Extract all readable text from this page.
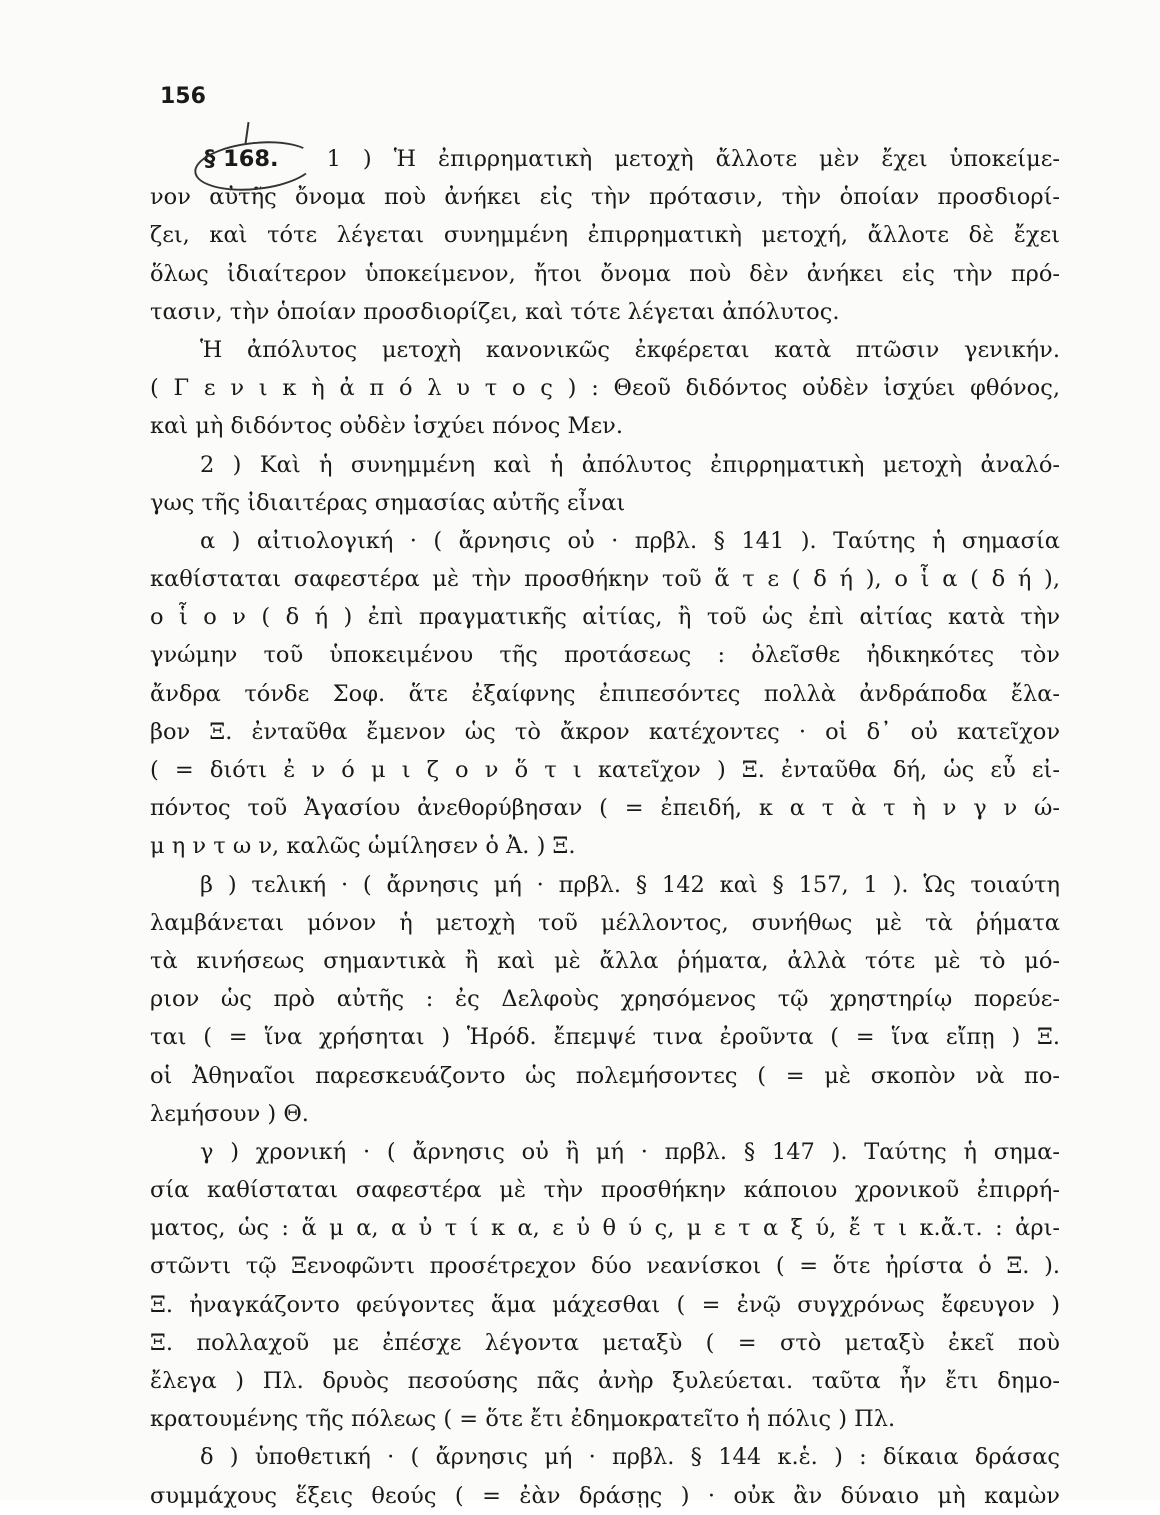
156
§ 168. 1 ) Ἡ ἐπιρρηματικὴ μετοχὴ ἄλλοτε μὲν ἔχει ὑποκείμε-
νον αὐτῆς ὄνομα ποὺ ἀνήκει εἰς τὴν πρότασιν, τὴν ὁποίαν προσδιορί-
ζει, καὶ τότε λέγεται συνημμένη ἐπιρρηματικὴ μετοχή, ἄλλοτε δὲ ἔχει
ὅλως ἰδιαίτερον ὑποκείμενον, ἤτοι ὄνομα ποὺ δὲν ἀνήκει εἰς τὴν πρό-
τασιν, τὴν ὁποίαν προσδιορίζει, καὶ τότε λέγεται ἀπόλυτος.
Ἡ ἀπόλυτος μετοχὴ κανονικῶς ἐκφέρεται κατὰ πτῶσιν γενικήν.
( Γ ε ν ι κ ὴ ἀ π ό λ υ τ ο ς ) : Θεοῦ διδόντος οὐδὲν ἰσχύει φθόνος,
καὶ μὴ διδόντος οὐδὲν ἰσχύει πόνος Μεν.
2 ) Καὶ ἡ συνημμένη καὶ ἡ ἀπόλυτος ἐπιρρηματικὴ μετοχὴ ἀναλό-
γως τῆς ἰδιαιτέρας σημασίας αὐτῆς εἶναι
α ) αἰτιολογική · ( ἄρνησις οὐ · πρβλ. § 141 ). Ταύτης ἡ σημασία
καθίσταται σαφεστέρα μὲ τὴν προσθήκην τοῦ ἅ τ ε ( δ ή ), ο ἷ α ( δ ή ),
ο ἷ ο ν ( δ ή ) ἐπὶ πραγματικῆς αἰτίας, ἢ τοῦ ὡς ἐπὶ αἰτίας κατὰ τὴν
γνώμην τοῦ ὑποκειμένου τῆς προτάσεως : ὀλεῖσθε ἠδικηκότες τὸν
ἄνδρα τόνδε Σοφ. ἅτε ἐξαίφνης ἐπιπεσόντες πολλὰ ἀνδράποδα ἔλα-
βον Ξ. ἐνταῦθα ἔμενον ὡς τὸ ἄκρον κατέχοντες · οἱ δ᾽ οὐ κατεῖχον
( = διότι ἐ ν ό μ ι ζ ο ν ὅ τ ι κατεῖχον ) Ξ. ἐνταῦθα δή, ὡς εὖ εἰ-
πόντος τοῦ Ἀγασίου ἀνεθορύβησαν ( = ἐπειδή, κ α τ ὰ τ ὴ ν γ ν ώ-
μ η ν τ ω ν, καλῶς ὡμίλησεν ὁ Ἀ. ) Ξ.
β ) τελική · ( ἄρνησις μή · πρβλ. § 142 καὶ § 157, 1 ). Ὡς τοιαύτη
λαμβάνεται μόνον ἡ μετοχὴ τοῦ μέλλοντος, συνήθως μὲ τὰ ῥήματα
τὰ κινήσεως σημαντικὰ ἢ καὶ μὲ ἄλλα ῥήματα, ἀλλὰ τότε μὲ τὸ μό-
ριον ὡς πρὸ αὐτῆς : ἐς Δελφοὺς χρησόμενος τῷ χρηστηρίῳ πορεύε-
ται ( = ἵνα χρήσηται ) Ἡρόδ. ἔπεμψέ τινα ἐροῦντα ( = ἵνα εἴπῃ ) Ξ.
οἱ Ἀθηναῖοι παρεσκευάζοντο ὡς πολεμήσοντες ( = μὲ σκοπὸν νὰ πο-
λεμήσουν ) Θ.
γ ) χρονική · ( ἄρνησις οὐ ἢ μή · πρβλ. § 147 ). Ταύτης ἡ σημα-
σία καθίσταται σαφεστέρα μὲ τὴν προσθήκην κάποιου χρονικοῦ ἐπιρρή-
ματος, ὡς : ἅ μ α, α ὐ τ ί κ α, ε ὐ θ ύ ς, μ ε τ α ξ ύ, ἔ τ ι κ.ἄ.τ. : ἀρι-
στῶντι τῷ Ξενοφῶντι προσέτρεχον δύο νεανίσκοι ( = ὅτε ἠρίστα ὁ Ξ. ).
Ξ. ἠναγκάζοντο φεύγοντες ἅμα μάχεσθαι ( = ἐνῷ συγχρόνως ἔφευγον )
Ξ. πολλαχοῦ με ἐπέσχε λέγοντα μεταξὺ ( = στὸ μεταξὺ ἐκεῖ ποὺ
ἔλεγα ) Πλ. δρυὸς πεσούσης πᾶς ἀνὴρ ξυλεύεται. ταῦτα ἦν ἔτι δημο-
κρατουμένης τῆς πόλεως ( = ὅτε ἔτι ἐδημοκρατεῖτο ἡ πόλις ) Πλ.
δ ) ὑποθετική · ( ἄρνησις μή · πρβλ. § 144 κ.ἑ. ) : δίκαια δράσας
συμμάχους ἕξεις θεούς ( = ἐὰν δράσῃς ) · οὐκ ἂν δύναιο μὴ καμὼν
